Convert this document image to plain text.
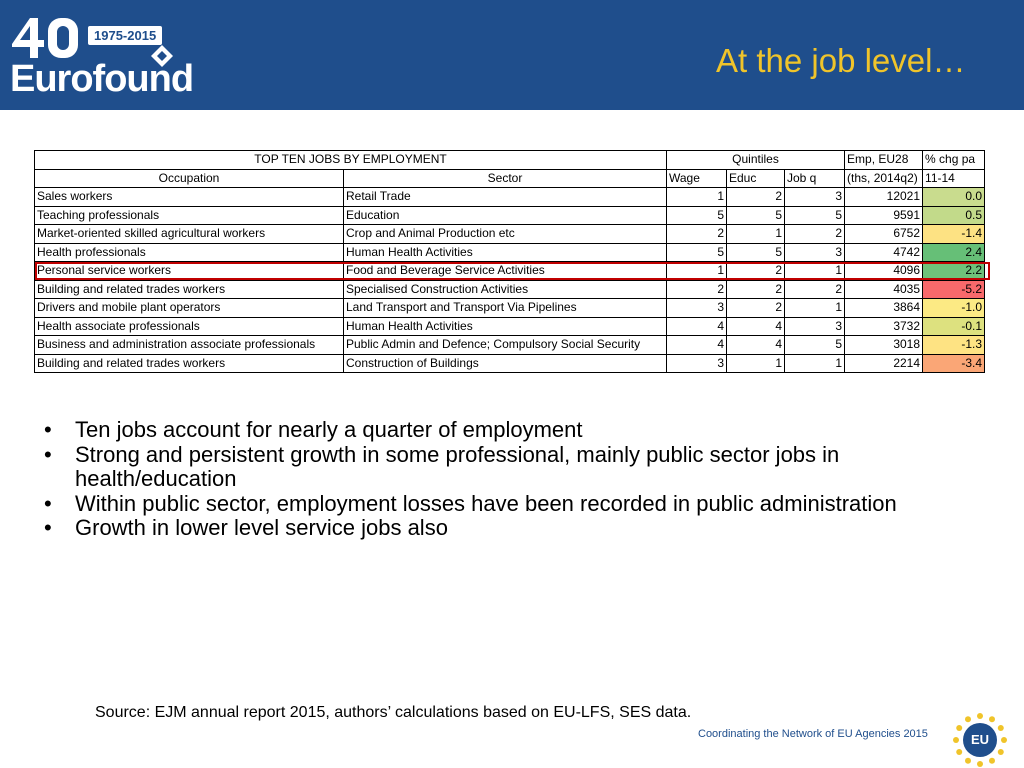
1975-2015
Eurofound	At the job level…
TOP TEN JOBS BY EMPLOYMENT		Quintiles			Emp, EU28	% chg pa
Occupation	Sector	Wage	Educ	Job q	(ths, 2014q2)	11-14
Sales workers	Retail Trade	1	2	3	12021	0.0
Teaching professionals	Education	5	5	5	9591	0.5
Market-oriented skilled agricultural workers	Crop and Animal Production etc	2	1	2	6752	-1.4
Health professionals	Human Health Activities	5	5	3	4742	2.4
Personal service workers	Food and Beverage Service Activities	1	2	1	4096	2.2
Building and related trades workers	Specialised Construction Activities	2	2	2	4035	-5.2
Drivers and mobile plant operators	Land Transport and Transport Via Pipelines	3	2	1	3864	-1.0
Health associate professionals	Human Health Activities	4	4	3	3732	-0.1
Business and administration associate professionals	Public Admin and Defence; Compulsory Social Security	4	4	5	3018	-1.3
Building and related trades workers	Construction of Buildings	3	1	1	2214	-3.4
• Ten jobs account for nearly a quarter of employment
• Strong and persistent growth in some professional, mainly public sector jobs in health/education
• Within public sector, employment losses have been recorded in public administration
• Growth in lower level service jobs also
Source: EJM annual report 2015, authors’ calculations based on EU-LFS, SES data.
Coordinating the Network of EU Agencies 2015	EU
